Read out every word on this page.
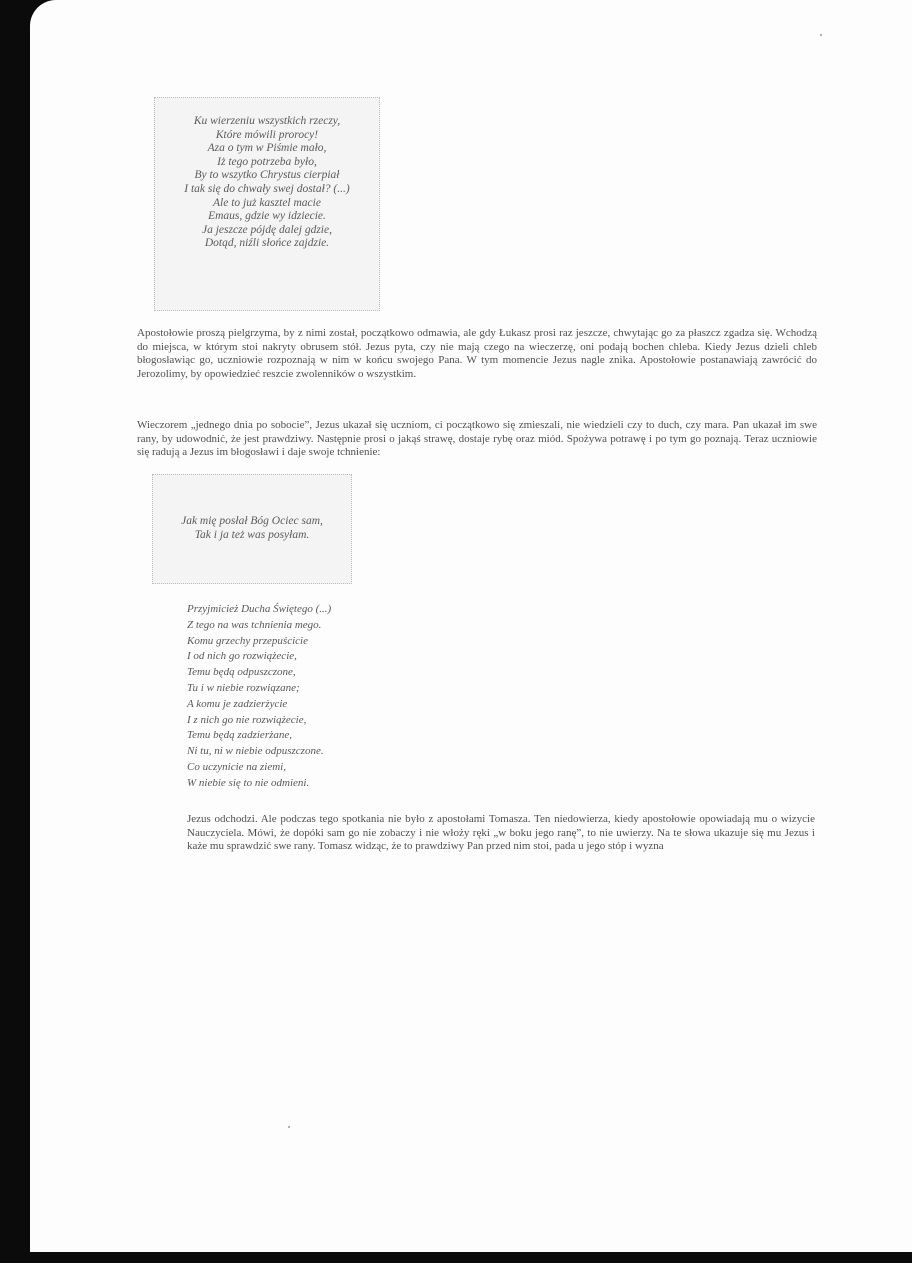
Ku wierzeniu wszystkich rzeczy,
Które mówili prorocy!
Aza o tym w Piśmie mało,
Iż tego potrzeba było,
By to wszytko Chrystus cierpiał
I tak się do chwały swej dostał? (...)
Ale to już kasztel macie
Emaus, gdzie wy idziecie.
Ja jeszcze pójdę dalej gdzie,
Dotąd, niźli słońce zajdzie.

Apostołowie proszą pielgrzyma, by z nimi został, początkowo odmawia, ale gdy Łukasz prosi raz jeszcze, chwytając go za płaszcz zgadza się. Wchodzą do miejsca, w którym stoi nakryty obrusem stół. Jezus pyta, czy nie mają czego na wieczerzę, oni podają bochen chleba. Kiedy Jezus dzieli chleb błogosławiąc go, uczniowie rozpoznają w nim w końcu swojego Pana. W tym momencie Jezus nagle znika. Apostołowie postanawiają zawrócić do Jerozolimy, by opowiedzieć reszcie zwolenników o wszystkim.

Wieczorem „jednego dnia po sobocie”, Jezus ukazał się uczniom, ci początkowo się zmieszali, nie wiedzieli czy to duch, czy mara. Pan ukazał im swe rany, by udowodnić, że jest prawdziwy. Następnie prosi o jakąś strawę, dostaje rybę oraz miód. Spożywa potrawę i po tym go poznają. Teraz uczniowie się radują a Jezus im błogosławi i daje swoje tchnienie:

Jak mię posłał Bóg Ociec sam,
Tak i ja też was posyłam.
Przyjmicież Ducha Świętego (...)
Z tego na was tchnienia mego.
Komu grzechy przepuścicie
I od nich go rozwiążecie,
Temu będą odpuszczone,
Tu i w niebie rozwiązane;
A komu je zadzierżycie
I z nich go nie rozwiążecie,
Temu będą zadzierżane,
Ni tu, ni w niebie odpuszczone.
Co uczynicie na ziemi,
W niebie się to nie odmieni.

Jezus odchodzi. Ale podczas tego spotkania nie było z apostołami Tomasza. Ten niedowierza, kiedy apostołowie opowiadają mu o wizycie Nauczyciela. Mówi, że dopóki sam go nie zobaczy i nie włoży ręki „w boku jego ranę”, to nie uwierzy. Na te słowa ukazuje się mu Jezus i każe mu sprawdzić swe rany. Tomasz widząc, że to prawdziwy Pan przed nim stoi, pada u jego stóp i wyzna
